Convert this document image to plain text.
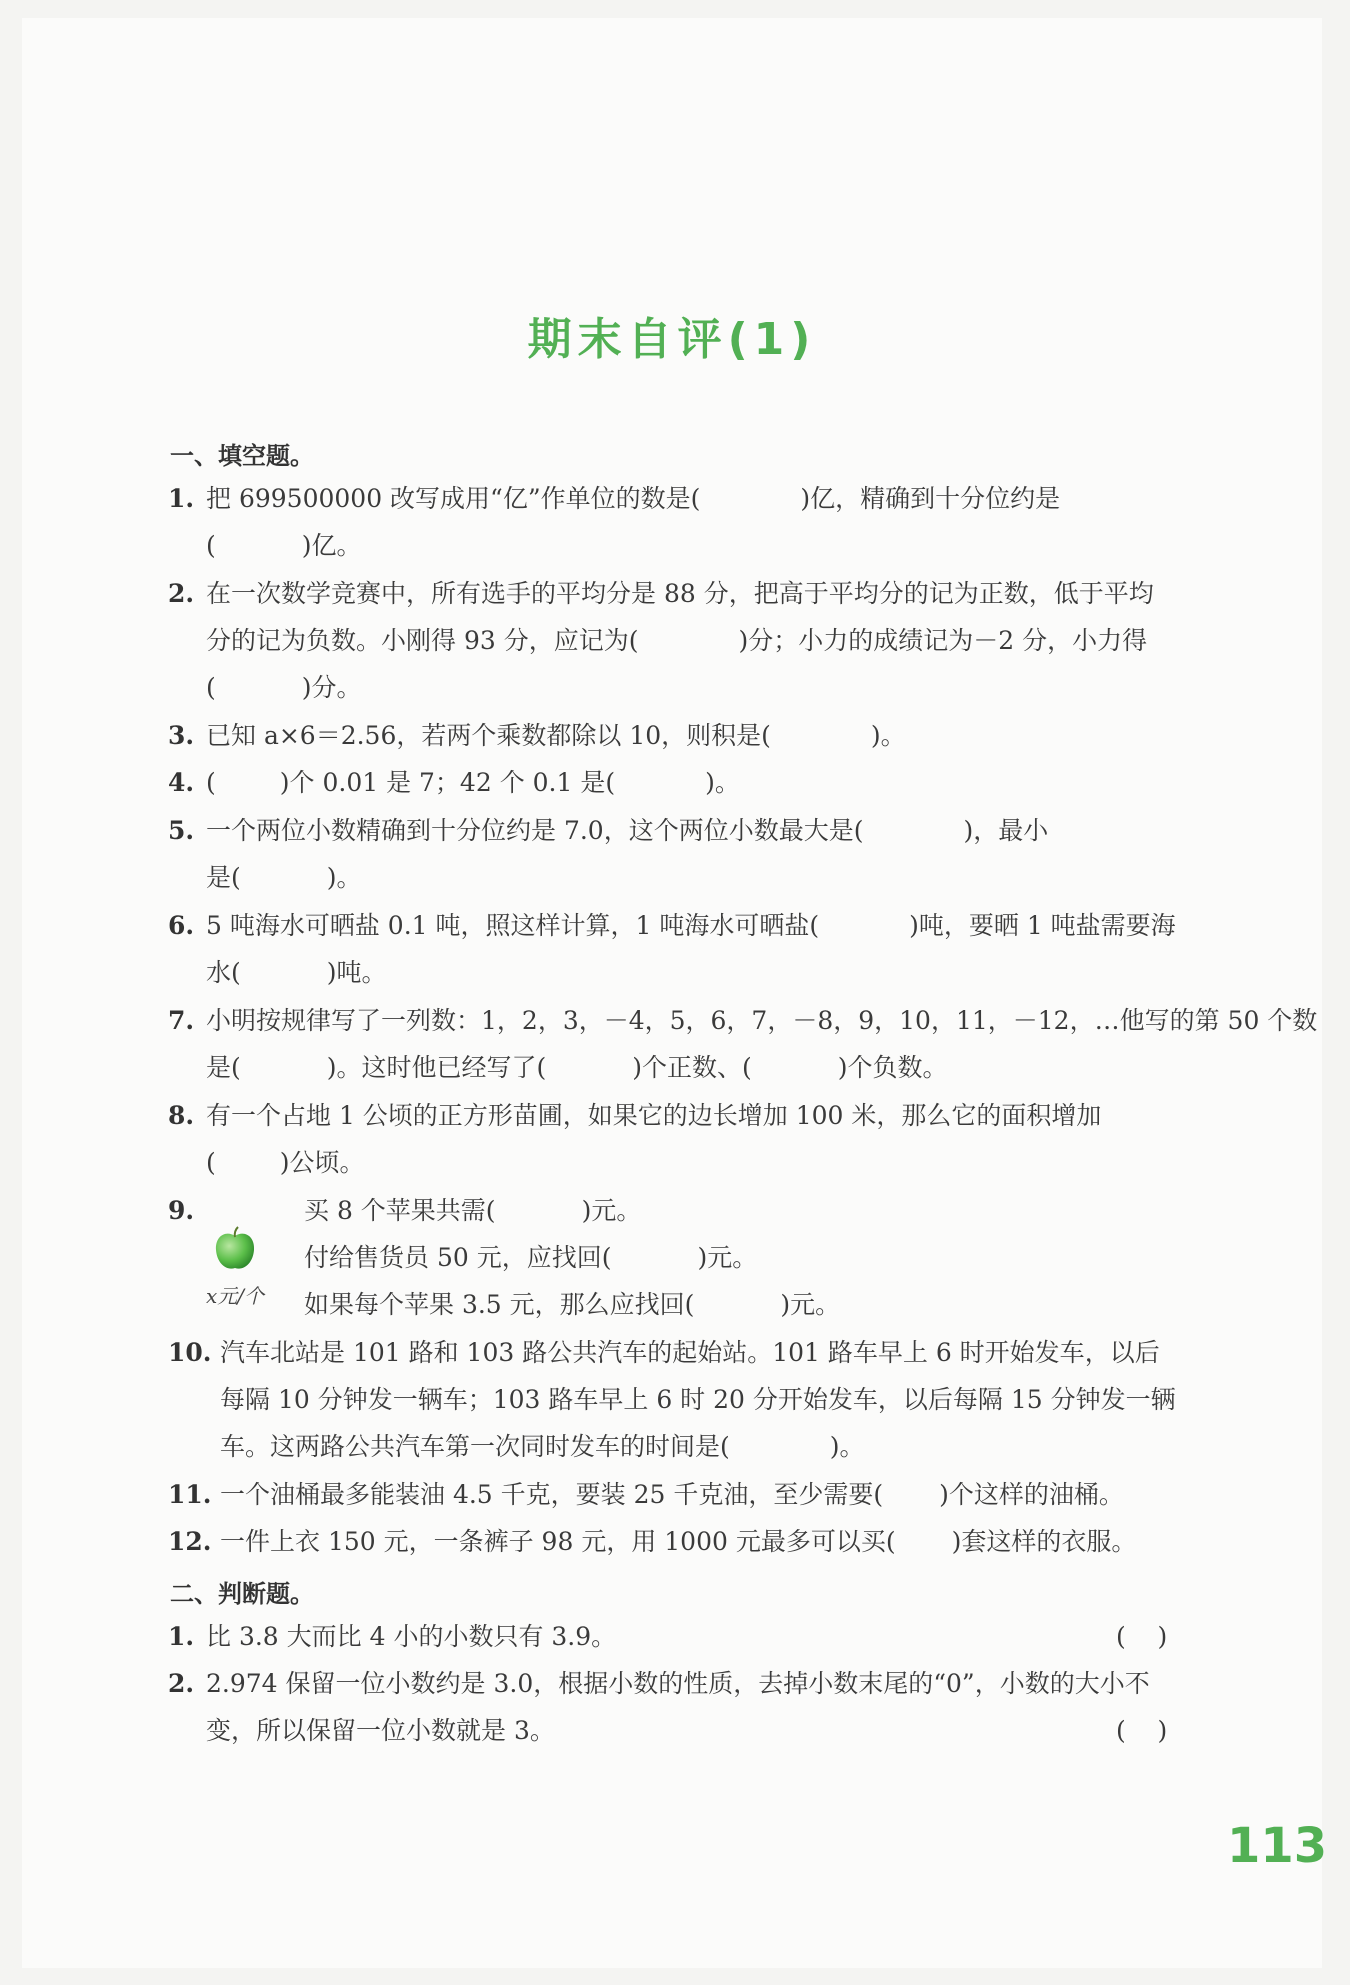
期末自评(1)
一、填空题。
1. 把 699500000 改写成用“亿”作单位的数是(	)亿，精确到十分位约是
(	)亿。
2. 在一次数学竞赛中，所有选手的平均分是 88 分，把高于平均分的记为正数，低于平均
分的记为负数。小刚得 93 分，应记为(	)分；小力的成绩记为－2 分，小力得
(	)分。
3. 已知 a×6＝2.56，若两个乘数都除以 10，则积是(	)。
4. (	)个 0.01 是 7；42 个 0.1 是(	)。
5. 一个两位小数精确到十分位约是 7.0，这个两位小数最大是(	)，最小
是(	)。
6. 5 吨海水可晒盐 0.1 吨，照这样计算，1 吨海水可晒盐(	)吨，要晒 1 吨盐需要海
水(	)吨。
7. 小明按规律写了一列数：1，2，3，－4，5，6，7，－8，9，10，11，－12，…他写的第 50 个数
是(	)。这时他已经写了(	)个正数、(	)个负数。
8. 有一个占地 1 公顷的正方形苗圃，如果它的边长增加 100 米，那么它的面积增加
(	)公顷。
9.
x元/个
买 8 个苹果共需(	)元。
付给售货员 50 元，应找回(	)元。
如果每个苹果 3.5 元，那么应找回(	)元。
10. 汽车北站是 101 路和 103 路公共汽车的起始站。101 路车早上 6 时开始发车，以后
每隔 10 分钟发一辆车；103 路车早上 6 时 20 分开始发车，以后每隔 15 分钟发一辆
车。这两路公共汽车第一次同时发车的时间是(	)。
11. 一个油桶最多能装油 4.5 千克，要装 25 千克油，至少需要( )个这样的油桶。
12. 一件上衣 150 元，一条裤子 98 元，用 1000 元最多可以买( )套这样的衣服。
二、判断题。
1. 比 3.8 大而比 4 小的小数只有 3.9。	(    )
2. 2.974 保留一位小数约是 3.0，根据小数的性质，去掉小数末尾的“0”，小数的大小不
变，所以保留一位小数就是 3。	(    )
113
